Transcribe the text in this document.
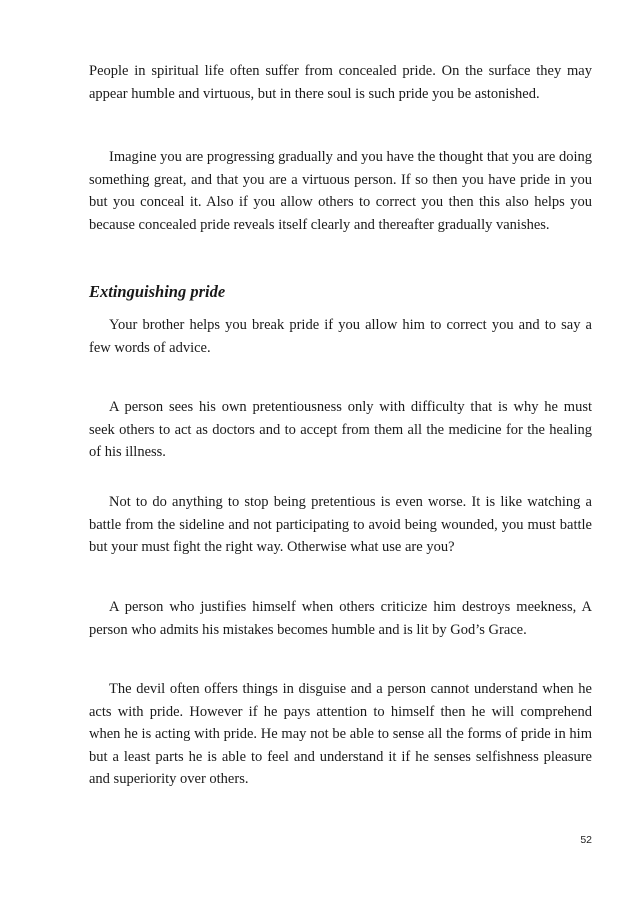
People in spiritual life often suffer from concealed pride. On the surface they may appear humble and virtuous, but in there soul is such pride you be astonished.

Imagine you are progressing gradually and you have the thought that you are doing something great, and that you are a virtuous person. If so then you have pride in you but you conceal it. Also if you allow others to correct you then this also helps you because concealed pride reveals itself clearly and thereafter gradually vanishes.

Extinguishing pride

Your brother helps you break pride if you allow him to correct you and to say a few words of advice.

A person sees his own pretentiousness only with difficulty that is why he must seek others to act as doctors and to accept from them all the medicine for the healing of his illness.

Not to do anything to stop being pretentious is even worse. It is like watching a battle from the sideline and not participating to avoid being wounded, you must battle but your must fight the right way. Otherwise what use are you?

A person who justifies himself when others criticize him destroys meekness, A person who admits his mistakes becomes humble and is lit by God’s Grace.

The devil often offers things in disguise and a person cannot understand when he acts with pride. However if he pays attention to himself then he will comprehend when he is acting with pride. He may not be able to sense all the forms of pride in him but a least parts he is able to feel and understand it if he senses selfishness pleasure and superiority over others.

52
